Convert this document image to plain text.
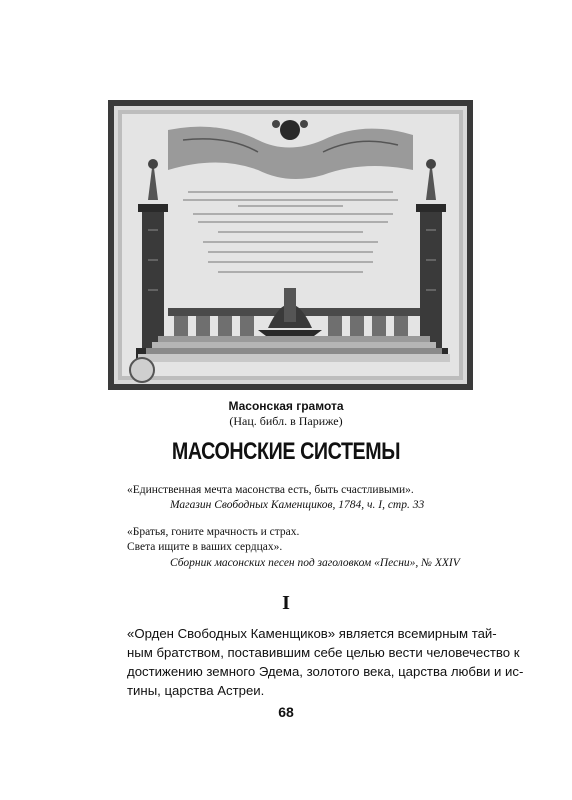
Масонская грамота
(Нац. библ. в Париже)
МАСОНСКИЕ СИСТЕМЫ
«Единственная мечта масонства есть, быть счастливыми».
Магазин Свободных Каменщиков, 1784, ч. I, стр. 33
«Братья, гоните мрачность и страх.
Света ищите в ваших сердцах».
Сборник масонских песен под заголовком «Песни», № XXIV
I
«Орден Свободных Каменщиков» является всемирным тай-
ным братством, поставившим себе целью вести человечество к
достижению земного Эдема, золотого века, царства любви и ис-
тины, царства Астреи.
68
